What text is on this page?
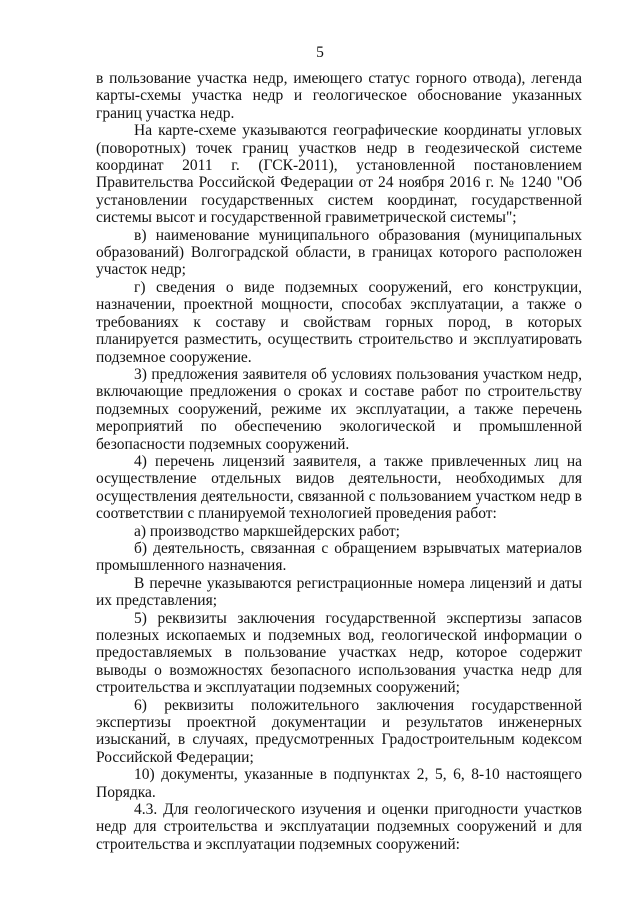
5

в пользование участка недр, имеющего статус горного отвода), легенда карты-схемы участка недр и геологическое обоснование указанных границ участка недр.

На карте-схеме указываются географические координаты угловых (поворотных) точек границ участков недр в геодезической системе координат 2011 г. (ГСК-2011), установленной постановлением Правительства Российской Федерации от 24 ноября 2016 г. № 1240 "Об установлении государственных систем координат, государственной системы высот и государственной гравиметрической системы";

в) наименование муниципального образования (муниципальных образований) Волгоградской области, в границах которого расположен участок недр;

г) сведения о виде подземных сооружений, его конструкции, назначении, проектной мощности, способах эксплуатации, а также о требованиях к составу и свойствам горных пород, в которых планируется разместить, осуществить строительство и эксплуатировать подземное сооружение.

3) предложения заявителя об условиях пользования участком недр, включающие предложения о сроках и составе работ по строительству подземных сооружений, режиме их эксплуатации, а также перечень мероприятий по обеспечению экологической и промышленной безопасности подземных сооружений.

4) перечень лицензий заявителя, а также привлеченных лиц на осуществление отдельных видов деятельности, необходимых для осуществления деятельности, связанной с пользованием участком недр в соответствии с планируемой технологией проведения работ:

а) производство маркшейдерских работ;

б) деятельность, связанная с обращением взрывчатых материалов промышленного назначения.

В перечне указываются регистрационные номера лицензий и даты их представления;

5) реквизиты заключения государственной экспертизы запасов полезных ископаемых и подземных вод, геологической информации о предоставляемых в пользование участках недр, которое содержит выводы о возможностях безопасного использования участка недр для строительства и эксплуатации подземных сооружений;

6) реквизиты положительного заключения государственной экспертизы проектной документации и результатов инженерных изысканий, в случаях, предусмотренных Градостроительным кодексом Российской Федерации;

10) документы, указанные в подпунктах 2, 5, 6, 8-10 настоящего Порядка.

4.3. Для геологического изучения и оценки пригодности участков недр для строительства и эксплуатации подземных сооружений и для строительства и эксплуатации подземных сооружений:
